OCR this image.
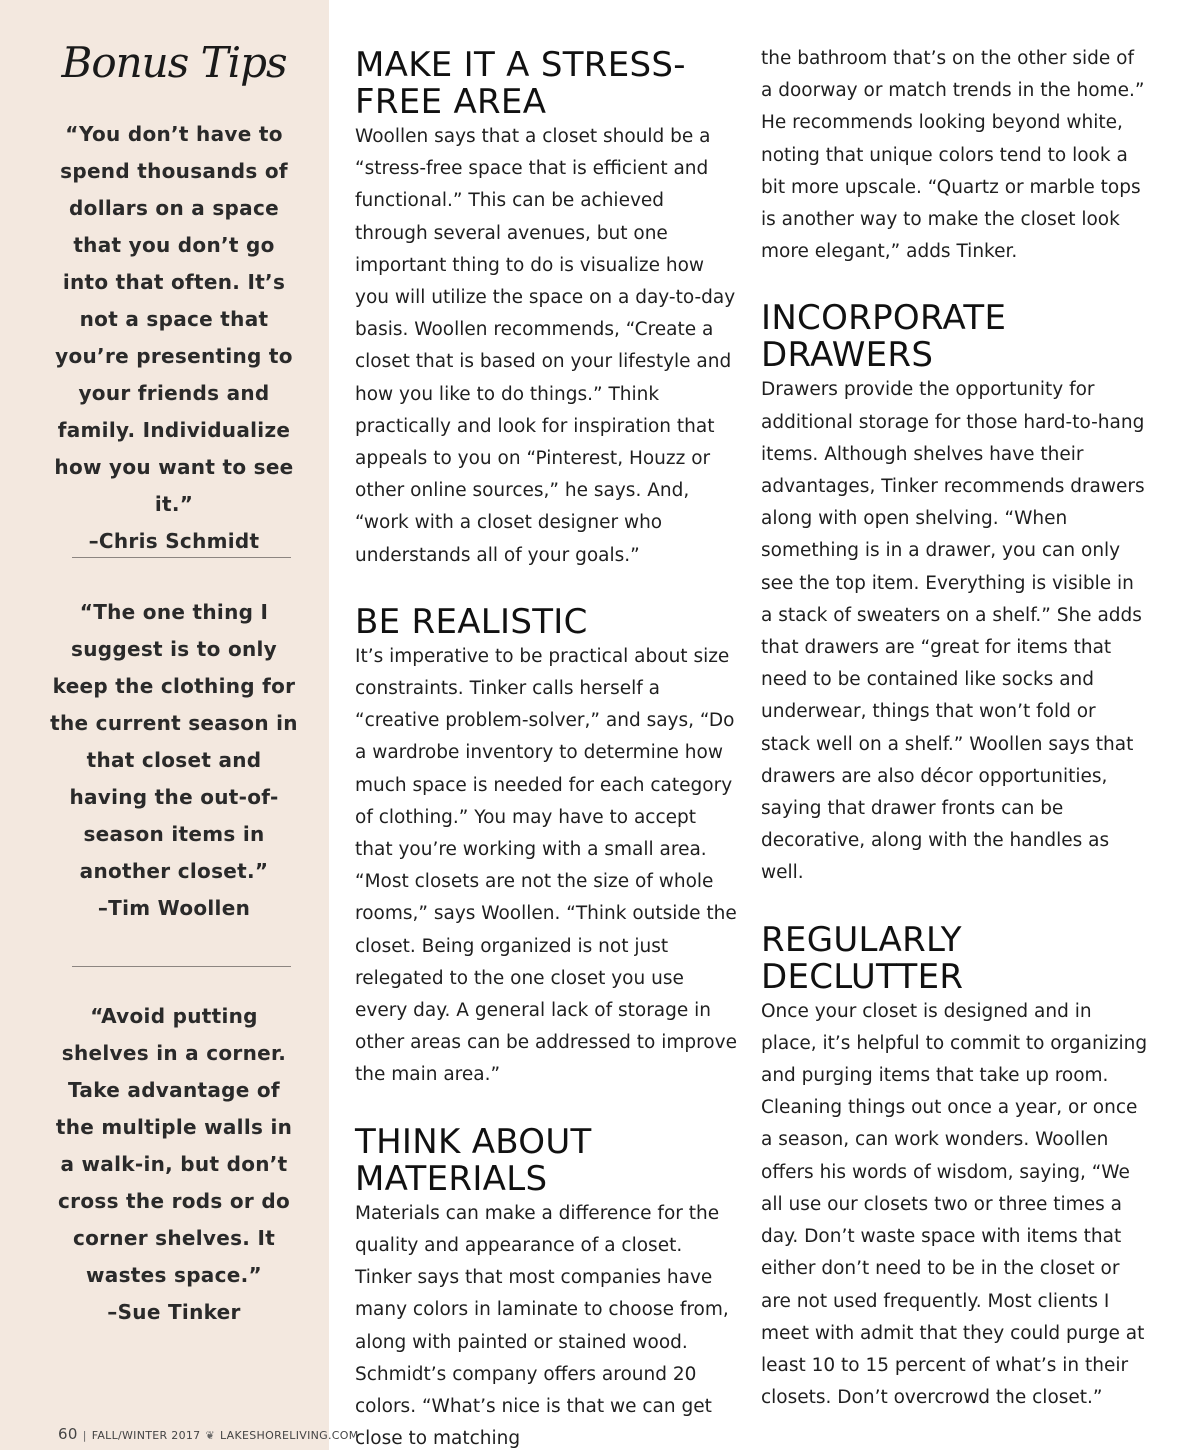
Bonus Tips
“You don’t have to spend thousands of dollars on a space that you don’t go into that often. It’s not a space that you’re presenting to your friends and family. Individualize how you want to see it.”
–Chris Schmidt
“The one thing I suggest is to only keep the clothing for the current season in that closet and having the out-of-season items in another closet.”
–Tim Woollen
“Avoid putting shelves in a corner. Take advantage of the multiple walls in a walk-in, but don’t cross the rods or do corner shelves. It wastes space.”
–Sue Tinker
MAKE IT A STRESS-FREE AREA

Woollen says that a closet should be a “stress-free space that is efficient and functional.” This can be achieved through several avenues, but one important thing to do is visualize how you will utilize the space on a day-to-day basis. Woollen recommends, “Create a closet that is based on your lifestyle and how you like to do things.” Think practically and look for inspiration that appeals to you on “Pinterest, Houzz or other online sources,” he says. And, “work with a closet designer who understands all of your goals.”

BE REALISTIC

It’s imperative to be practical about size constraints. Tinker calls herself a “creative problem-solver,” and says, “Do a wardrobe inventory to determine how much space is needed for each category of clothing.” You may have to accept that you’re working with a small area. “Most closets are not the size of whole rooms,” says Woollen. “Think outside the closet. Being organized is not just relegated to the one closet you use every day. A general lack of storage in other areas can be addressed to improve the main area.”

THINK ABOUT MATERIALS

Materials can make a difference for the quality and appearance of a closet. Tinker says that most companies have many colors in laminate to choose from, along with painted or stained wood. Schmidt’s company offers around 20 colors. “What’s nice is that we can get close to matching

the bathroom that’s on the other side of a doorway or match trends in the home.” He recommends looking beyond white, noting that unique colors tend to look a bit more upscale. “Quartz or marble tops is another way to make the closet look more elegant,” adds Tinker.

INCORPORATE DRAWERS

Drawers provide the opportunity for additional storage for those hard-to-hang items. Although shelves have their advantages, Tinker recommends drawers along with open shelving. “When something is in a drawer, you can only see the top item. Everything is visible in a stack of sweaters on a shelf.” She adds that drawers are “great for items that need to be contained like socks and underwear, things that won’t fold or stack well on a shelf.” Woollen says that drawers are also décor opportunities, saying that drawer fronts can be decorative, along with the handles as well.

REGULARLY DECLUTTER

Once your closet is designed and in place, it’s helpful to commit to organizing and purging items that take up room. Cleaning things out once a year, or once a season, can work wonders. Woollen offers his words of wisdom, saying, “We all use our closets two or three times a day. Don’t waste space with items that either don’t need to be in the closet or are not used frequently. Most clients I meet with admit that they could purge at least 10 to 15 percent of what’s in their closets. Don’t overcrowd the closet.”

60 | FALL/WINTER 2017 ❦ LAKESHORELIVING.COM
